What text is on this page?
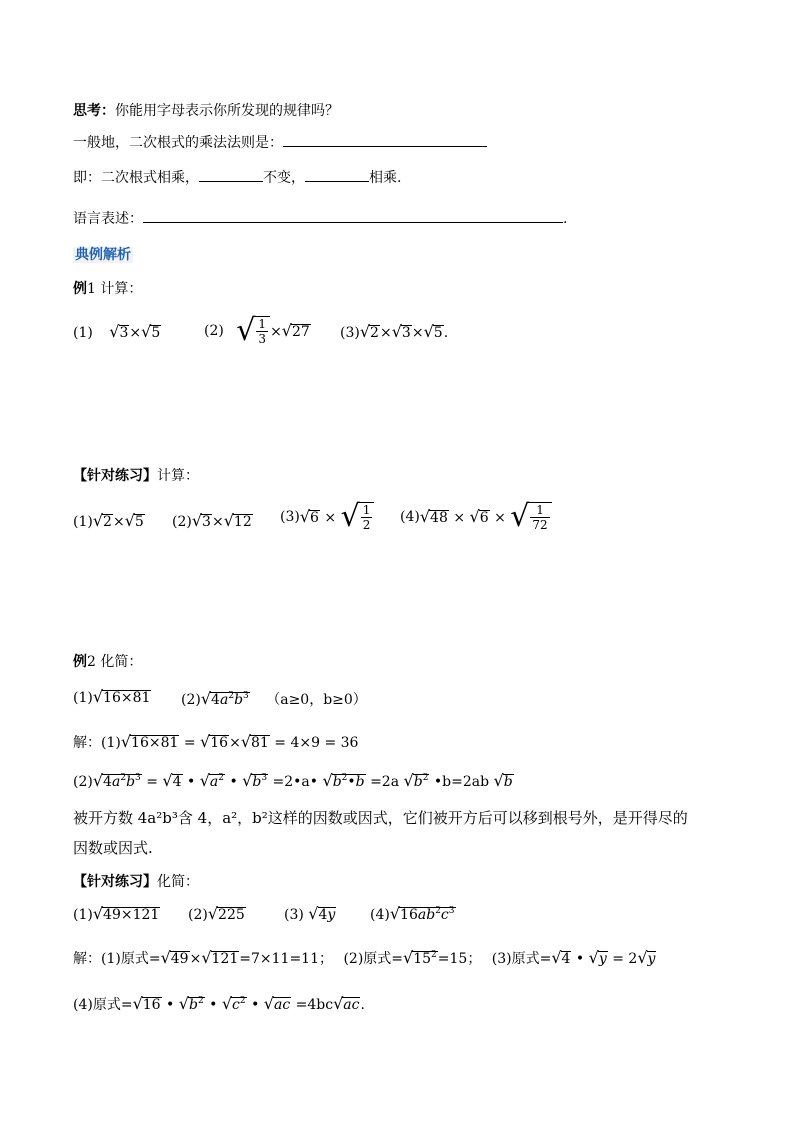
思考：你能用字母表示你所发现的规律吗？
一般地，二次根式的乘法法则是：
即：二次根式相乘，	不变，	相乘.
语言表述：	.
典例解析
例1 计算：
(1) √3×√5	(2) √ $\frac{1}{3} \times√27$ (3)√2×√3×√5.
【针对练习】计算：
(1)√2×√5 (2)√3×√12 (3)√6 × √ $\frac{1}{2} (4)√48 \times √6$ × √ $\frac{1}{72}$
例2 化简：
(1)√16×81 $(2)√4a^2b^3$ （a≥0，b≥0）
解：(1)√16×81 = √16×√81 = 4×9 = 36
$(2)√4a^2b^3 = √4$ • $√a^2$ • $√b^3$ =2•a• $√b^2•b =2a$ $√b^2$ •b=2ab √b
被开方数 4a²b³含 4，a²，b²这样的因数或因式，它们被开方后可以移到根号外，是开得尽的
因数或因式.
【针对练习】化简：
(1)√49×121 (2)√225	(3) √4y $(4)√16ab^2c^3$
解：(1)原式=√49×√121=7×11=11； (2)原式$=√15^2=15$； (3)原式=√4 • √y = 2√y
(4)原式=√16 • $√b^2$ • $√c^2$ • √ac =4bc√ac.
